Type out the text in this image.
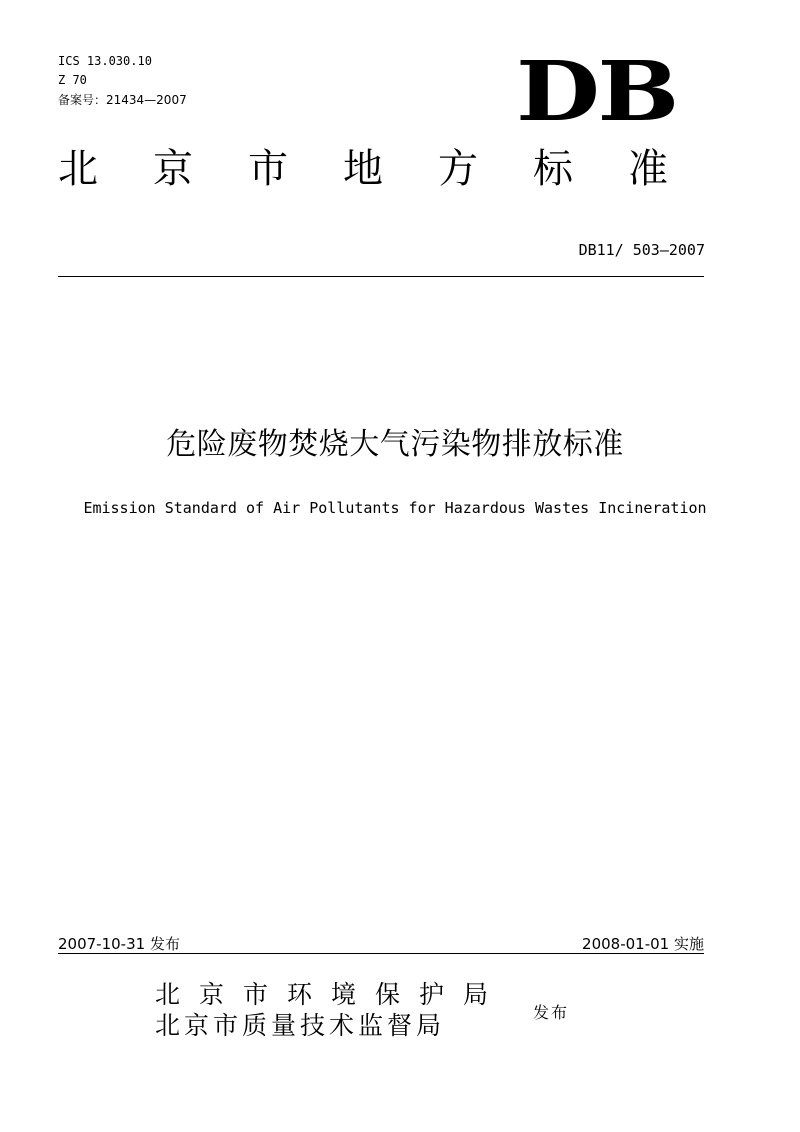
ICS 13.030.10
Z 70
备案号：21434—2007	DB
北京市地方标准
DB11/ 503—2007
危险废物焚烧大气污染物排放标准
Emission Standard of Air Pollutants for Hazardous Wastes Incineration
2007-10-31 发布	2008-01-01 实施
北京市环境保护局
北京市质量技术监督局	发布
